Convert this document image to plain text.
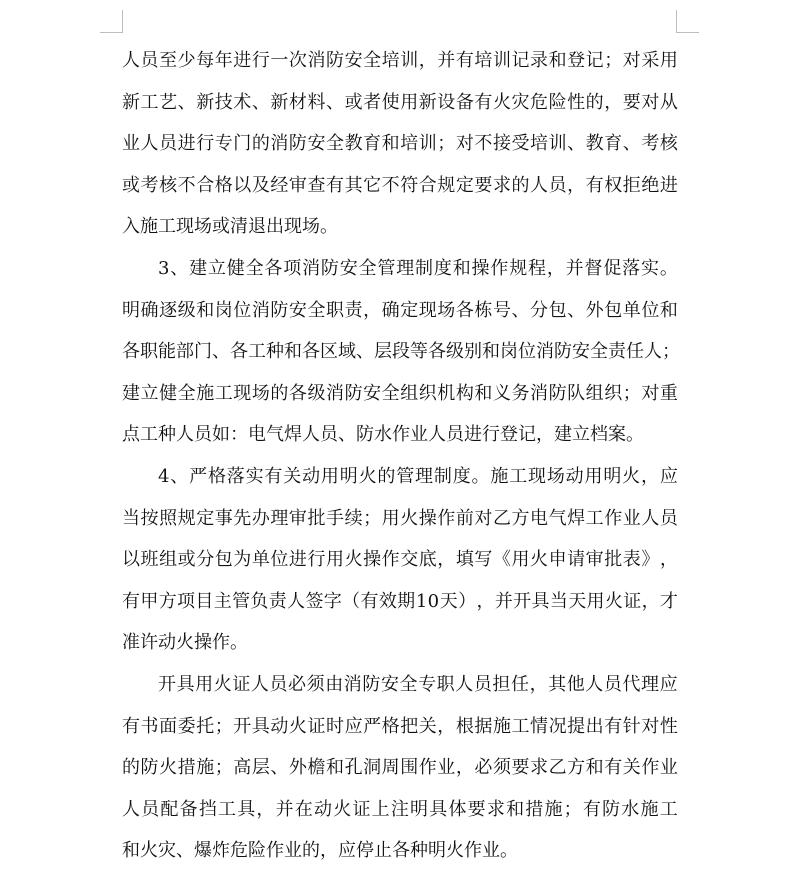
人 员 至 少 每 年 进 行 一 次 消 防 安 全 培 训 ， 并 有 培 训 记 录 和 登 记 ； 对 采 用
新 工 艺 、 新 技 术 、 新 材 料 、 或 者 使 用 新 设 备 有 火 灾 危 险 性 的 ， 要 对 从
业 人 员 进 行 专 门 的 消 防 安 全 教 育 和 培 训 ； 对 不 接 受 培 训 、 教 育 、 考 核
或 考 核 不 合 格 以 及 经 审 查 有 其 它 不 符 合 规 定 要 求 的 人 员 ， 有 权 拒 绝 进
入施工现场或清退出现场。
3 、 建 立 健 全 各 项 消 防 安 全 管 理 制 度 和 操 作 规 程 ， 并 督 促 落 实 。
明 确 逐 级 和 岗 位 消 防 安 全 职 责 ， 确 定 现 场 各 栋 号 、 分 包 、 外 包 单 位 和
各 职 能 部 门 、 各 工 种 和 各 区 域 、 层 段 等 各 级 别 和 岗 位 消 防 安 全 责 任 人 ；
建 立 健 全 施 工 现 场 的 各 级 消 防 安 全 组 织 机 构 和 义 务 消 防 队 组 织 ； 对 重
点工种人员如：电气焊人员、防水作业人员进行登记，建立档案。
4 、 严 格 落 实 有 关 动 用 明 火 的 管 理 制 度 。 施 工 现 场 动 用 明 火 ， 应
当 按 照 规 定 事 先 办 理 审 批 手 续 ； 用 火 操 作 前 对 乙 方 电 气 焊 工 作 业 人 员
以 班 组 或 分 包 为 单 位 进 行 用 火 操 作 交 底 ， 填 写 《 用 火 申 请 审 批 表 》 ，
有 甲 方 项 目 主 管 负 责 人 签 字 （ 有 效 期 1 0 天 ） ， 并 开 具 当 天 用 火 证 ， 才
准许动火操作。
开 具 用 火 证 人 员 必 须 由 消 防 安 全 专 职 人 员 担 任 ， 其 他 人 员 代 理 应
有 书 面 委 托 ； 开 具 动 火 证 时 应 严 格 把 关 ， 根 据 施 工 情 况 提 出 有 针 对 性
的 防 火 措 施 ； 高 层 、 外 檐 和 孔 洞 周 围 作 业 ， 必 须 要 求 乙 方 和 有 关 作 业
人 员 配 备 挡 工 具 ， 并 在 动 火 证 上 注 明 具 体 要 求 和 措 施 ； 有 防 水 施 工
和火灾、爆炸危险作业的，应停止各种明火作业。
